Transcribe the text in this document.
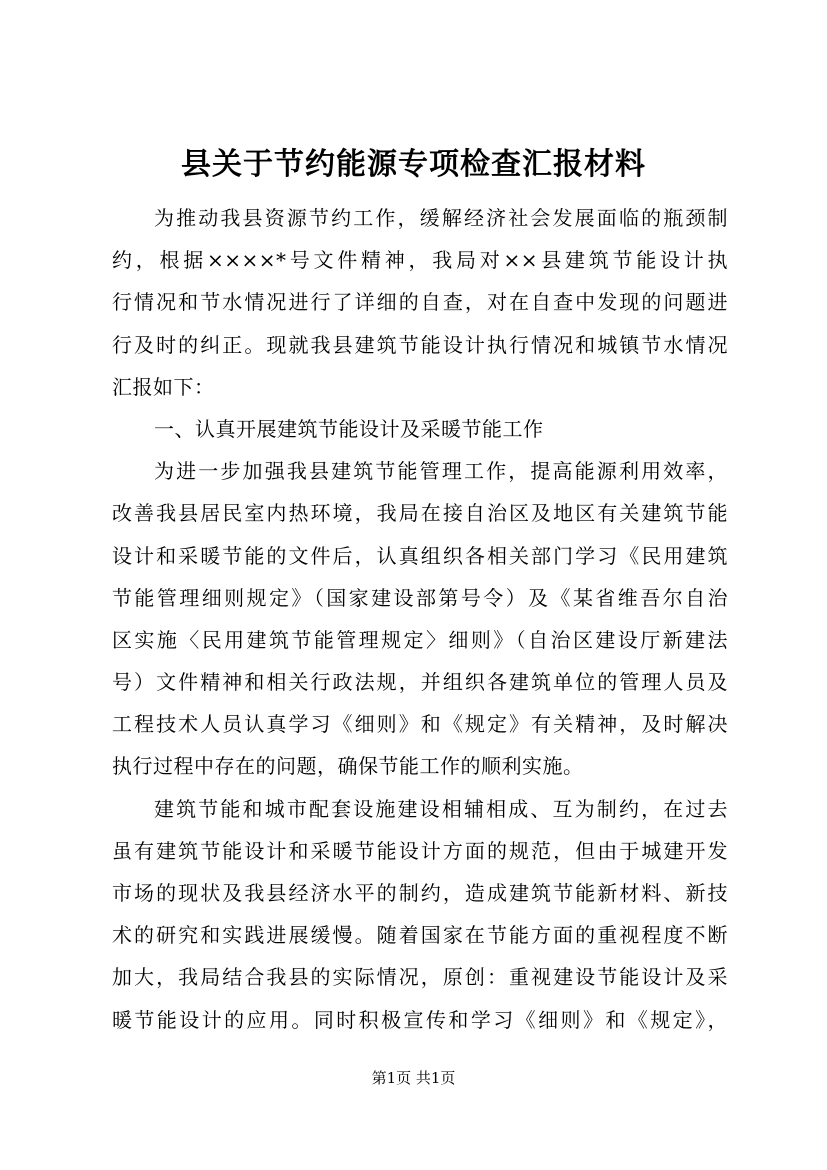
县关于节约能源专项检查汇报材料
为推动我县资源节约工作，缓解经济社会发展面临的瓶颈制
约，根据××××*号文件精神，我局对××县建筑节能设计执
行情况和节水情况进行了详细的自查，对在自查中发现的问题进
行及时的纠正。现就我县建筑节能设计执行情况和城镇节水情况
汇报如下：
一、认真开展建筑节能设计及采暖节能工作
为进一步加强我县建筑节能管理工作，提高能源利用效率，
改善我县居民室内热环境，我局在接自治区及地区有关建筑节能
设计和采暖节能的文件后，认真组织各相关部门学习《民用建筑
节能管理细则规定》（国家建设部第号令）及《某省维吾尔自治
区实施〈民用建筑节能管理规定〉细则》（自治区建设厅新建法
号）文件精神和相关行政法规，并组织各建筑单位的管理人员及
工程技术人员认真学习《细则》和《规定》有关精神，及时解决
执行过程中存在的问题，确保节能工作的顺利实施。
建筑节能和城市配套设施建设相辅相成、互为制约，在过去
虽有建筑节能设计和采暖节能设计方面的规范，但由于城建开发
市场的现状及我县经济水平的制约，造成建筑节能新材料、新技
术的研究和实践进展缓慢。随着国家在节能方面的重视程度不断
加大，我局结合我县的实际情况，原创：重视建设节能设计及采
暖节能设计的应用。同时积极宣传和学习《细则》和《规定》，
第1页 共1页
